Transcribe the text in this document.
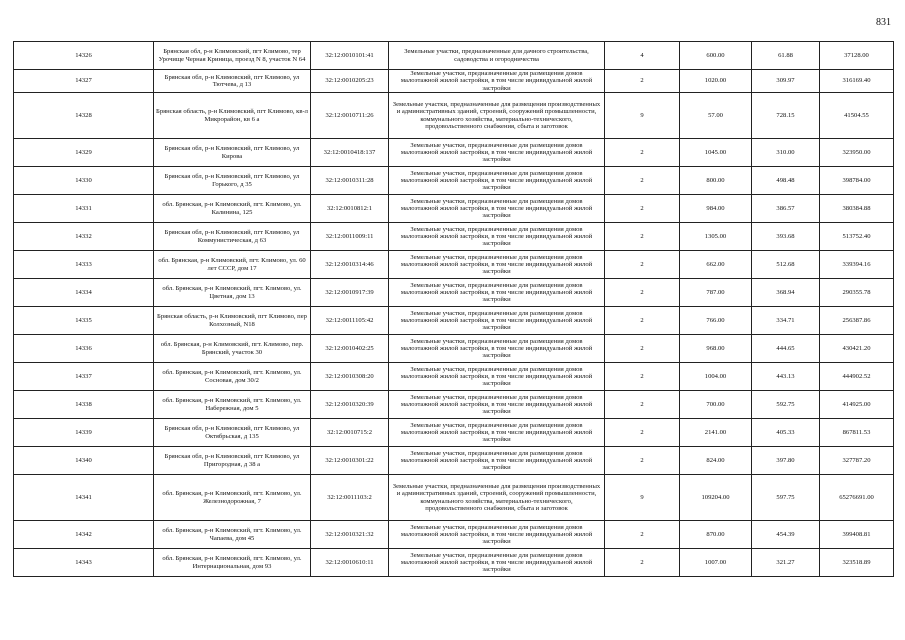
831
14326	Брянская обл, р-н Климовский, пгт Климово, тер Урочище Черная Криница, проезд N 8, участок N 64	32:12:0010101:41	Земельные участки, предназначенные для дачного строительства, садоводства и огородничества	4	600.00	61.88	37128.00
14327	Брянская обл, р-н Климовский, пгт Климово, ул Тютчева, д 13	32:12:0010205:23	Земельные участки, предназначенные для размещения домов малоэтажной жилой застройки, в том числе индивидуальной жилой застройки	2	1020.00	309.97	316169.40
14328	Брянская область, р-н Климовский, пгт Климово, кв-л Микрорайон, кв 6 а	32:12:0010711:26	Земельные участки, предназначенные для размещения производственных и административных зданий, строений, сооружений промышленности, коммунального хозяйства, материально-технического, продовольственного снабжения, сбыта и заготовок	9	57.00	728.15	41504.55
14329	Брянская обл, р-н Климовский, пгт Климово, ул Кирова	32:12:0010418:137	Земельные участки, предназначенные для размещения домов малоэтажной жилой застройки, в том числе индивидуальной жилой застройки	2	1045.00	310.00	323950.00
14330	Брянская обл, р-н Климовский, пгт Климово, ул Горького, д 35	32:12:0010311:28	Земельные участки, предназначенные для размещения домов малоэтажной жилой застройки, в том числе индивидуальной жилой застройки	2	800.00	498.48	398784.00
14331	обл. Брянская, р-н Климовский, пгт. Климово, ул. Калинина, 125	32:12:0010812:1	Земельные участки, предназначенные для размещения домов малоэтажной жилой застройки, в том числе индивидуальной жилой застройки	2	984.00	386.57	380384.88
14332	Брянская обл, р-н Климовский, пгт Климово, ул Коммунистическая, д 63	32:12:0011009:11	Земельные участки, предназначенные для размещения домов малоэтажной жилой застройки, в том числе индивидуальной жилой застройки	2	1305.00	393.68	513752.40
14333	обл. Брянская, р-н Климовский, пгт. Климово, ул. 60 лет СССР, дом 17	32:12:0010314:46	Земельные участки, предназначенные для размещения домов малоэтажной жилой застройки, в том числе индивидуальной жилой застройки	2	662.00	512.68	339394.16
14334	обл. Брянская, р-н Климовский, пгт. Климово, ул. Цветная, дом 13	32:12:0010917:39	Земельные участки, предназначенные для размещения домов малоэтажной жилой застройки, в том числе индивидуальной жилой застройки	2	787.00	368.94	290355.78
14335	Брянская область, р-н Климовский, пгт Климово, пер Колхозный, N18	32:12:0011105:42	Земельные участки, предназначенные для размещения домов малоэтажной жилой застройки, в том числе индивидуальной жилой застройки	2	766.00	334.71	256387.86
14336	обл. Брянская, р-н Климовский, пгт. Климово, пер. Брянский, участок 30	32:12:0010402:25	Земельные участки, предназначенные для размещения домов малоэтажной жилой застройки, в том числе индивидуальной жилой застройки	2	968.00	444.65	430421.20
14337	обл. Брянская, р-н Климовский, пгт. Климово, ул. Сосновая, дом 30/2	32:12:0010308:20	Земельные участки, предназначенные для размещения домов малоэтажной жилой застройки, в том числе индивидуальной жилой застройки	2	1004.00	443.13	444902.52
14338	обл. Брянская, р-н Климовский, пгт. Климово, ул. Набережная, дом 5	32:12:0010320:39	Земельные участки, предназначенные для размещения домов малоэтажной жилой застройки, в том числе индивидуальной жилой застройки	2	700.00	592.75	414925.00
14339	Брянская обл, р-н Климовский, пгт Климово, ул Октябрьская, д 135	32:12:0010715:2	Земельные участки, предназначенные для размещения домов малоэтажной жилой застройки, в том числе индивидуальной жилой застройки	2	2141.00	405.33	867811.53
14340	Брянская обл, р-н Климовский, пгт Климово, ул Пригородная, д 38 а	32:12:0010301:22	Земельные участки, предназначенные для размещения домов малоэтажной жилой застройки, в том числе индивидуальной жилой застройки	2	824.00	397.80	327787.20
14341	обл. Брянская, р-н Климовский, пгт. Климово, ул. Железнодорожная, 7	32:12:0011103:2	Земельные участки, предназначенные для размещения производственных и административных зданий, строений, сооружений промышленности, коммунального хозяйства, материально-технического, продовольственного снабжения, сбыта и заготовок	9	109204.00	597.75	65276691.00
14342	обл. Брянская, р-н Климовский, пгт. Климово, ул. Чапаева, дом 45	32:12:0010321:32	Земельные участки, предназначенные для размещения домов малоэтажной жилой застройки, в том числе индивидуальной жилой застройки	2	870.00	454.39	399408.81
14343	обл. Брянская, р-н Климовский, пгт. Климово, ул. Интернациональная, дом 93	32:12:0010610:11	Земельные участки, предназначенные для размещения домов малоэтажной жилой застройки, в том числе индивидуальной жилой застройки	2	1007.00	321.27	323518.89
